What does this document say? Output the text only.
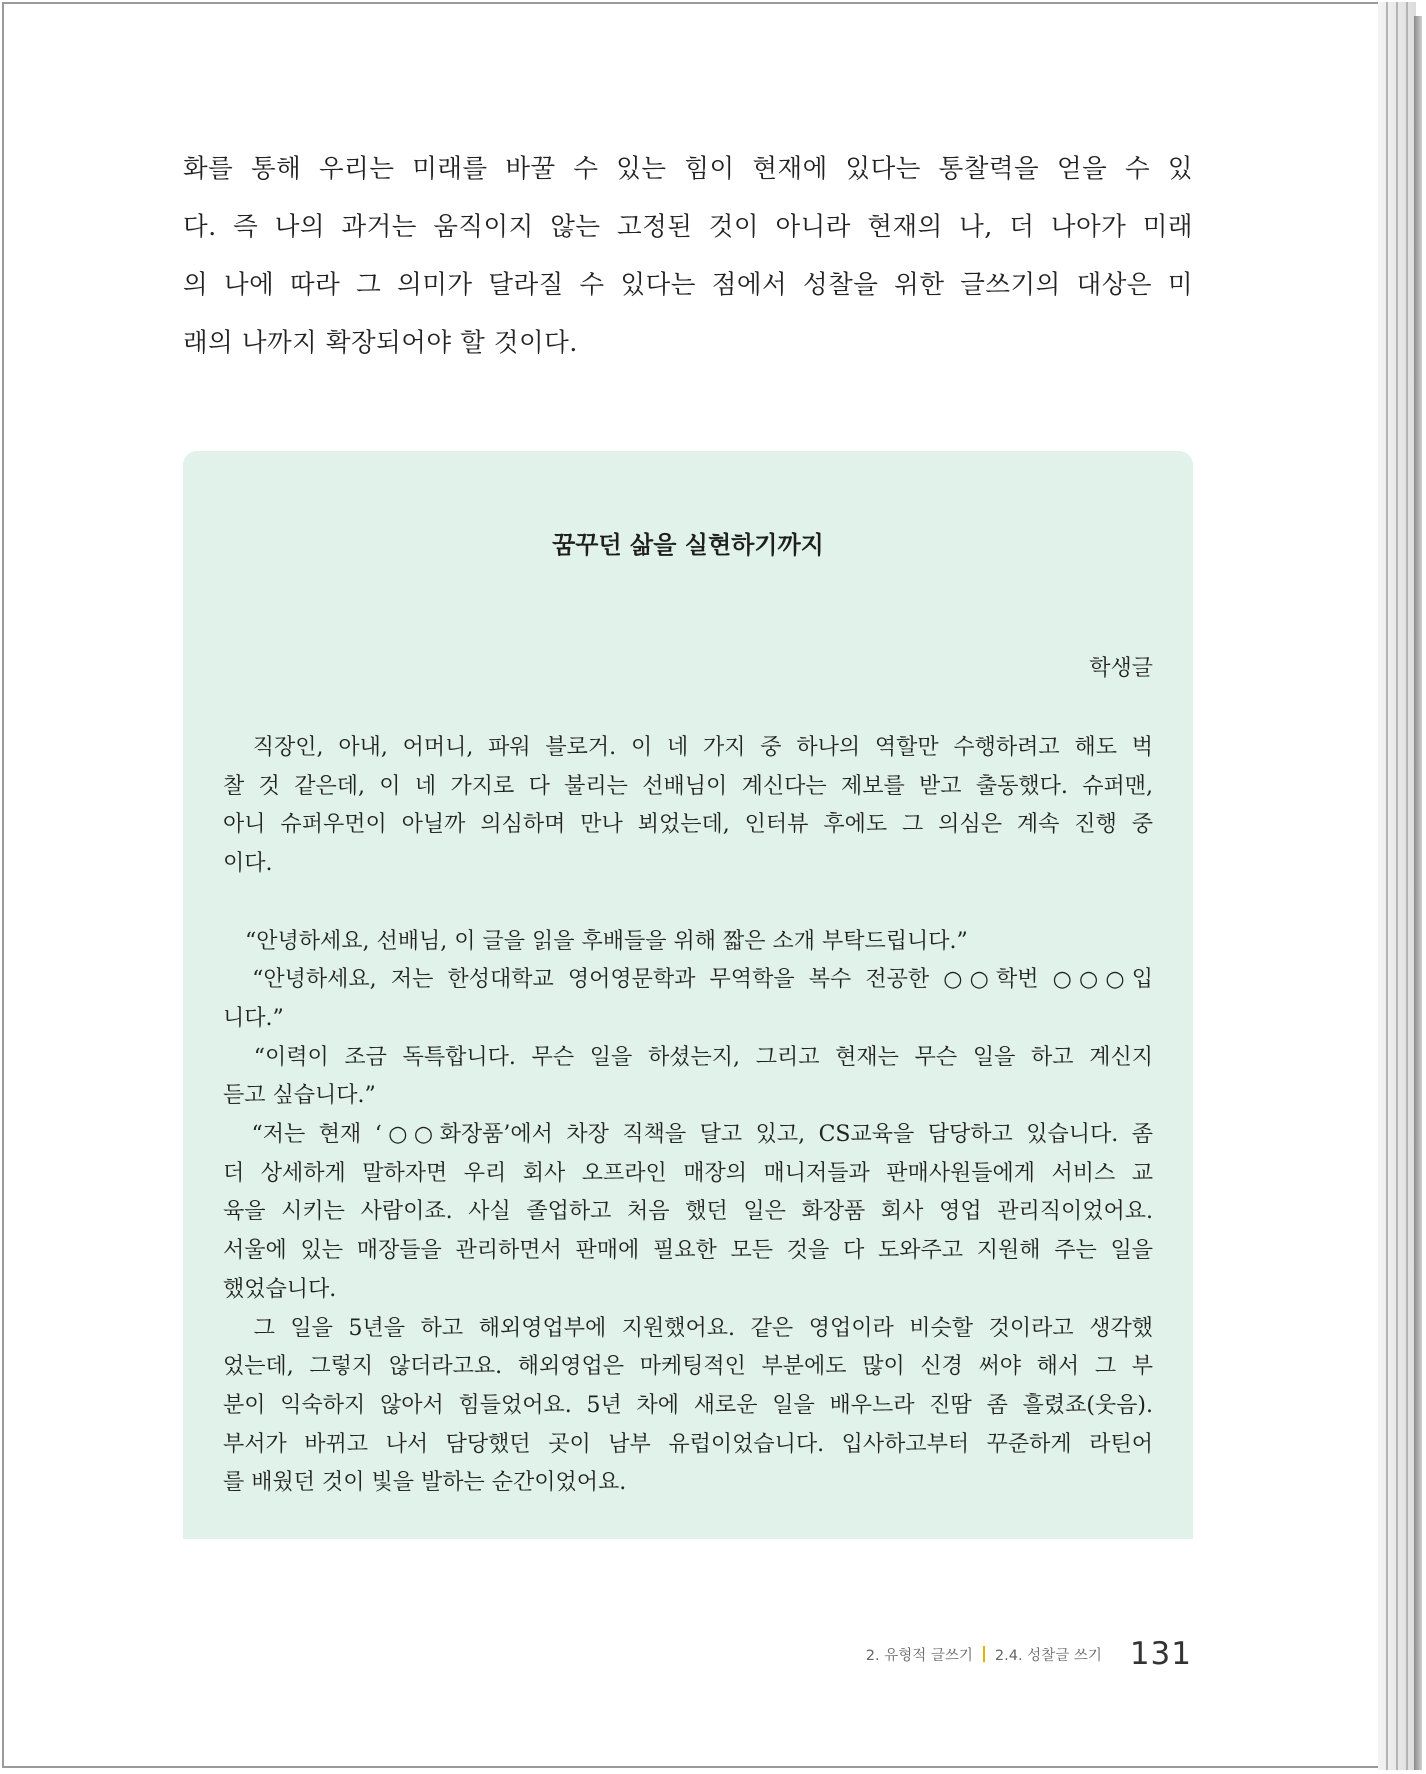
화를 통해 우리는 미래를 바꿀 수 있는 힘이 현재에 있다는 통찰력을 얻을 수 있
다. 즉 나의 과거는 움직이지 않는 고정된 것이 아니라 현재의 나, 더 나아가 미래
의 나에 따라 그 의미가 달라질 수 있다는 점에서 성찰을 위한 글쓰기의 대상은 미
래의 나까지 확장되어야 할 것이다.
꿈꾸던 삶을 실현하기까지
학생글
　직장인, 아내, 어머니, 파워 블로거. 이 네 가지 중 하나의 역할만 수행하려고 해도 벅
찰 것 같은데, 이 네 가지로 다 불리는 선배님이 계신다는 제보를 받고 출동했다. 슈퍼맨,
아니 슈퍼우먼이 아닐까 의심하며 만나 뵈었는데, 인터뷰 후에도 그 의심은 계속 진행 중
이다.
　“안녕하세요, 선배님, 이 글을 읽을 후배들을 위해 짧은 소개 부탁드립니다.”
　“안녕하세요, 저는 한성대학교 영어영문학과 무역학을 복수 전공한 ○○학번 ○○○입
니다.”
　“이력이 조금 독특합니다. 무슨 일을 하셨는지, 그리고 현재는 무슨 일을 하고 계신지
듣고 싶습니다.”
　“저는 현재 ‘○○화장품’에서 차장 직책을 달고 있고, CS교육을 담당하고 있습니다. 좀
더 상세하게 말하자면 우리 회사 오프라인 매장의 매니저들과 판매사원들에게 서비스 교
육을 시키는 사람이죠. 사실 졸업하고 처음 했던 일은 화장품 회사 영업 관리직이었어요.
서울에 있는 매장들을 관리하면서 판매에 필요한 모든 것을 다 도와주고 지원해 주는 일을
했었습니다.
　그 일을 5년을 하고 해외영업부에 지원했어요. 같은 영업이라 비슷할 것이라고 생각했
었는데, 그렇지 않더라고요. 해외영업은 마케팅적인 부분에도 많이 신경 써야 해서 그 부
분이 익숙하지 않아서 힘들었어요. 5년 차에 새로운 일을 배우느라 진땀 좀 흘렸죠(웃음).
부서가 바뀌고 나서 담당했던 곳이 남부 유럽이었습니다. 입사하고부터 꾸준하게 라틴어
를 배웠던 것이 빛을 발하는 순간이었어요.
2. 유형적 글쓰기 2.4. 성찰글 쓰기 131
